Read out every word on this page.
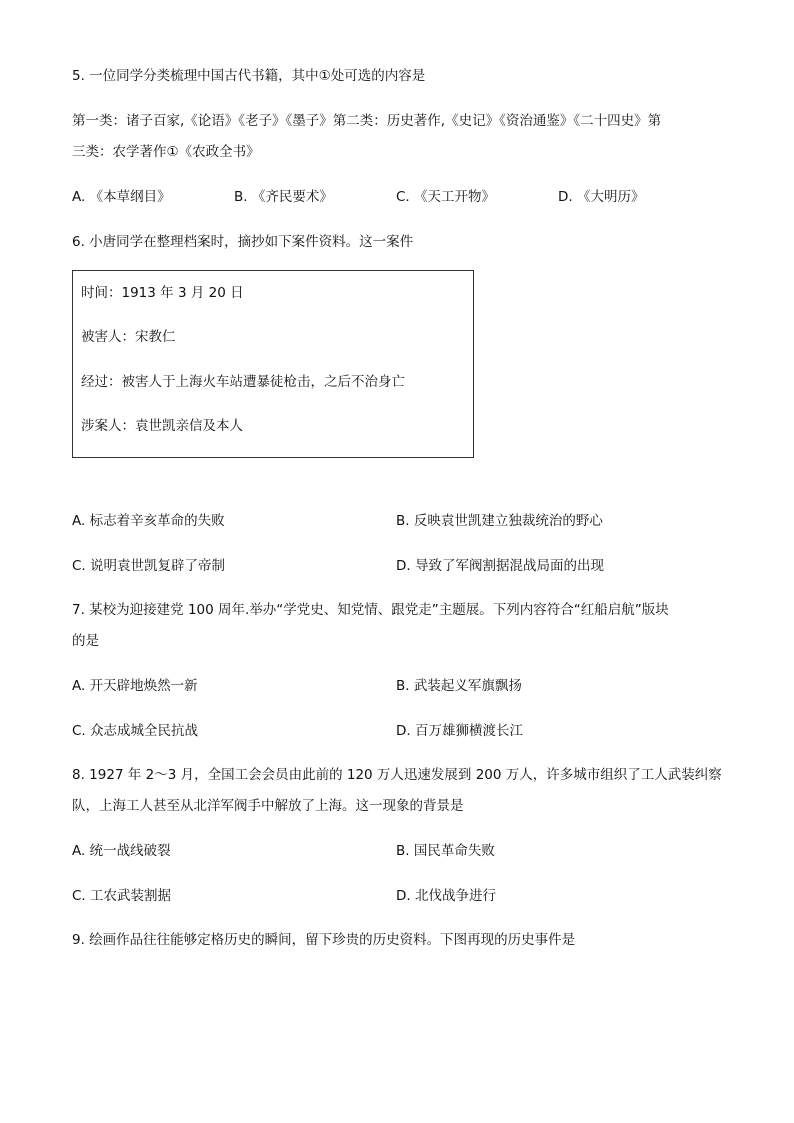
5. 一位同学分类梳理中国古代书籍，其中①处可选的内容是
第一类：诸子百家,《论语》《老子》《墨子》第二类：历史著作,《史记》《资治通鉴》《二十四史》第
三类：农学著作①《农政全书》
A. 《本草纲目》	B. 《齐民要术》	C. 《天工开物》	D. 《大明历》
6. 小唐同学在整理档案时，摘抄如下案件资料。这一案件
时间：1913 年 3 月 20 日
被害人：宋教仁
经过：被害人于上海火车站遭暴徒枪击，之后不治身亡
涉案人：袁世凯亲信及本人
A. 标志着辛亥革命的失败	B. 反映袁世凯建立独裁统治的野心
C. 说明袁世凯复辟了帝制	D. 导致了军阀割据混战局面的出现
7. 某校为迎接建党 100 周年.举办“学党史、知党情、跟党走”主题展。下列内容符合“红船启航”版块
的是
A. 开天辟地焕然一新	B. 武装起义军旗飘扬
C. 众志成城全民抗战	D. 百万雄狮横渡长江
8. 1927 年 2～3 月，全国工会会员由此前的 120 万人迅速发展到 200 万人，许多城市组织了工人武装纠察
队，上海工人甚至从北洋军阀手中解放了上海。这一现象的背景是
A. 统一战线破裂	B. 国民革命失败
C. 工农武装割据	D. 北伐战争进行
9. 绘画作品往往能够定格历史的瞬间，留下珍贵的历史资料。下图再现的历史事件是
